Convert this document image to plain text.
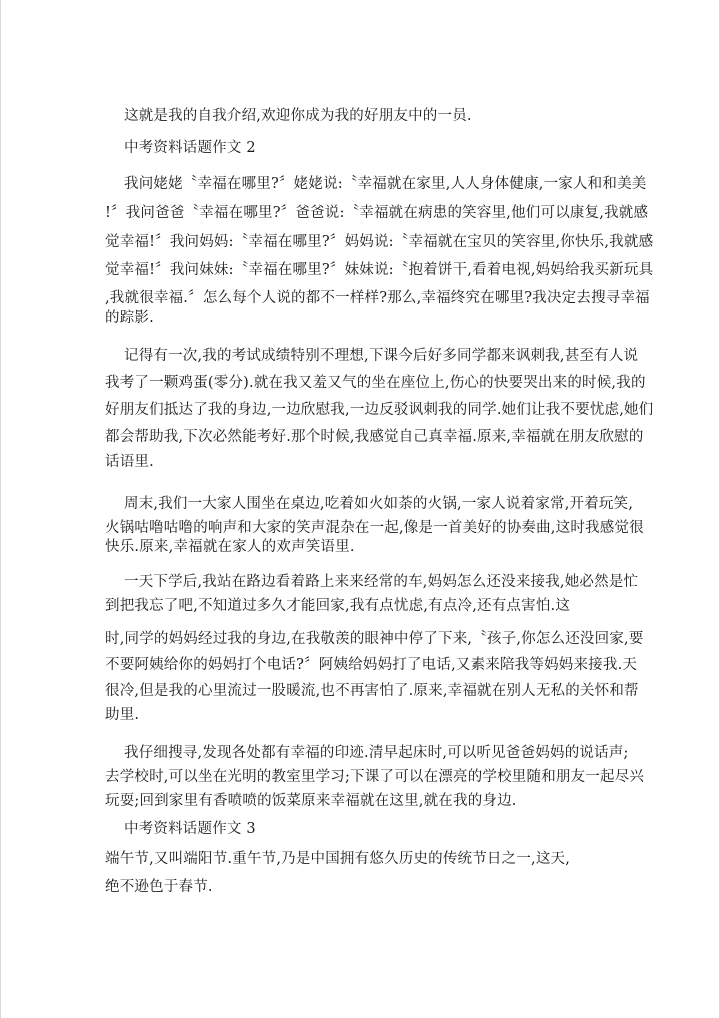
这就是我的自我介绍,欢迎你成为我的好朋友中的一员.
中考资料话题作文 2
我问姥姥〝幸福在哪里?〞姥姥说:〝幸福就在家里,人人身体健康,一家人和和美美
!〞我问爸爸〝幸福在哪里?〞爸爸说:〝幸福就在病患的笑容里,他们可以康复,我就感
觉幸福!〞我问妈妈:〝幸福在哪里?〞妈妈说:〝幸福就在宝贝的笑容里,你快乐,我就感
觉幸福!〞我问妹妹:〝幸福在哪里?〞妹妹说:〝抱着饼干,看着电视,妈妈给我买新玩具
,我就很幸福.〞怎么每个人说的都不一样样?那么,幸福终究在哪里?我决定去搜寻幸福
的踪影.
记得有一次,我的考试成绩特别不理想,下课今后好多同学都来讽刺我,甚至有人说
我考了一颗鸡蛋(零分).就在我又羞又气的坐在座位上,伤心的快要哭出来的时候,我的
好朋友们抵达了我的身边,一边欣慰我,一边反驳讽刺我的同学.她们让我不要忧虑,她们
都会帮助我,下次必然能考好.那个时候,我感觉自己真幸福.原来,幸福就在朋友欣慰的
话语里.
周末,我们一大家人围坐在桌边,吃着如火如荼的火锅,一家人说着家常,开着玩笑,
火锅咕噜咕噜的响声和大家的笑声混杂在一起,像是一首美好的协奏曲,这时我感觉很
快乐.原来,幸福就在家人的欢声笑语里.
一天下学后,我站在路边看着路上来来经常的车,妈妈怎么还没来接我,她必然是忙
到把我忘了吧,不知道过多久才能回家,我有点忧虑,有点冷,还有点害怕.这
时,同学的妈妈经过我的身边,在我敬羡的眼神中停了下来,〝孩子,你怎么还没回家,要
不要阿姨给你的妈妈打个电话?〞阿姨给妈妈打了电话,又素来陪我等妈妈来接我.天
很冷,但是我的心里流过一股暖流,也不再害怕了.原来,幸福就在别人无私的关怀和帮
助里.
我仔细搜寻,发现各处都有幸福的印迹.清早起床时,可以听见爸爸妈妈的说话声;
去学校时,可以坐在光明的教室里学习;下课了可以在漂亮的学校里随和朋友一起尽兴
玩耍;回到家里有香喷喷的饭菜原来幸福就在这里,就在我的身边.
中考资料话题作文 3
端午节,又叫端阳节.重午节,乃是中国拥有悠久历史的传统节日之一,这天,
绝不逊色于春节.
